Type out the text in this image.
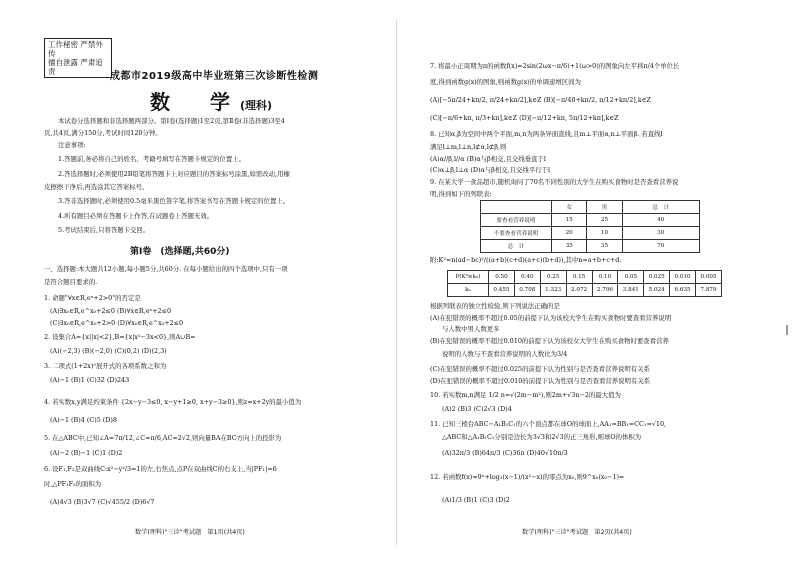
工作秘密 严禁外传
擅自泄露 严肃追责	成都市2019级高中毕业班第三次诊断性检测
数　学(理科)
本试卷分选择题和非选择题两部分。第Ⅰ卷(选择题)1至2页,第Ⅱ卷(非选择题)3至4
页,共4页,满分150分,考试时间120分钟。
注意事项:
1.答题前,务必将自己的姓名、考籍号填写在答题卡规定的位置上。
2.答选择题时,必须使用2B铅笔将答题卡上对应题目的答案标号涂黑,如需改动,用橡
皮擦擦干净后,再选涂其它答案标号。
3.答非选择题时,必须使用0.5毫米黑色签字笔,将答案书写在答题卡规定的位置上。
4.所有题目必须在答题卡上作答,在试题卷上答题无效。
5.考试结束后,只将答题卡交回。
第Ⅰ卷　(选择题,共60分)
一、选择题:本大题共12小题,每小题5分,共60分. 在每小题给出的四个选项中,只有一项
是符合题目要求的.
1. 命题"∀x∈R,eˣ+2>0"的否定是
(A)∃x₀∈R,e^x₀+2≤0 (B)∀x∈R,eˣ+2≤0
(C)∃x₀∈R,e^x₀+2>0 (D)∀x₀∈R,e^x₀+2≤0
2. 设集合A={x||x|<2},B={x|x²−3x<0},则A∪B=
(A)(−2,3) (B)(−2,0) (C)(0,2) (D)(2,3)
3. 二项式(1+2x)⁵展开式的各项系数之和为
(A)−1 (B)1 (C)32 (D)243
4. 若实数x,y满足约束条件 {2x−y−3≤0, x−y+1≥0, x+y−3≥0},则z=x+2y的最小值为
(A)−1 (B)4 (C)5 (D)8
5. 在△ABC中,已知∠A=7π/12,∠C=π/6,AC=2√2,则向量BA在BC方向上的投影为
(A)−2 (B)−1 (C)1 (D)2
6. 设F₁,F₂是双曲线C:x²−y²/3=1的左,右焦点,点P在双曲线C的右支上,当|PF₁|=6
时,△PF₁F₂的面积为
(A)4√3 (B)3√7 (C)√455/2 (D)6√7
数学(理科)"三诊"考试题　第1页(共4页)
7. 将最小正周期为π的函数f(x)=2sin(2ωx−π/6)+1(ω>0)的图象向左平移π/4个单位长
度,得到函数g(x)的图象,则函数g(x)的单调递增区间为
(A)[−5π/24+kπ/2, π/24+kπ/2],k∈Z (B)[−π/48+kπ/2, π/12+kπ/2],k∈Z
(C)[−π/6+kπ, π/3+kπ],k∈Z (D)[−π/12+kπ, 5π/12+kπ],k∈Z
8. 已知α,β为空间中两个平面,m,n为两条异面直线,且m⊥平面α,n⊥平面β. 若直线l
满足l⊥m,l⊥n,l⊄α,l⊄β,则
(A)α//β,l//α (B)α与β相交,且交线垂直于l
(C)α⊥β,l⊥α (D)α与β相交,且交线平行于l
9. 在某大学一食品超市,随机询问了70名不同性别的大学生在购买食物时是否查看营养说
明,得到如下的列联表:
	女	男	总　计
要查看营养说明	15	25	40
不要查看营养说明	20	10	30
总　计	35	35	70
附:K²=n(ad−bc)²/((a+b)(c+d)(a+c)(b+d)),其中n=a+b+c+d.
P(K²≥k₀)	0.50	0.40	0.25	0.15	0.10	0.05	0.025	0.010	0.005
k₀	0.455	0.708	1.323	2.072	2.706	3.841	5.024	6.635	7.879
根据列联表的独立性检验,则下列说法正确的是
(A)在犯错误的概率不超过0.05的前提下认为该校大学生在购买食物时要查看营养说明
与人数中男人数更多
(B)在犯错误的概率不超过0.010的前提下认为该校女大学生在购买食物时要查看营养
说明的人数与不查看营养说明的人数比为3/4
(C)在犯错误的概率不超过0.025的前提下认为性别与是否查看营养说明有关系
(D)在犯错误的概率不超过0.010的前提下认为性别与是否查看营养说明有关系
10. 若实数m,n满足 1/2 n=√(2m−m²),则2m+√3n−2的最大值为
(A)2 (B)3 (C)2√3 (D)4
11. 已知三棱台ABC−A₁B₁C₁的六个顶点都在球O的球面上,AA₁=BB₁=CC₁=√10,
△ABC和△A₁B₁C₁分别是边长为3√3和2√3的正三角形,则球O的体积为
(A)32π/3 (B)64π/3 (C)36π (D)40√10π/3
12. 若函数f(x)=9ˣ+log₃(x−1)/(x²−x)的零点为x₀,则9^x₀(x₀−1)=
(A)1/3 (B)1 (C)3 (D)2
数学(理科)"三诊"考试题　第2页(共4页)
